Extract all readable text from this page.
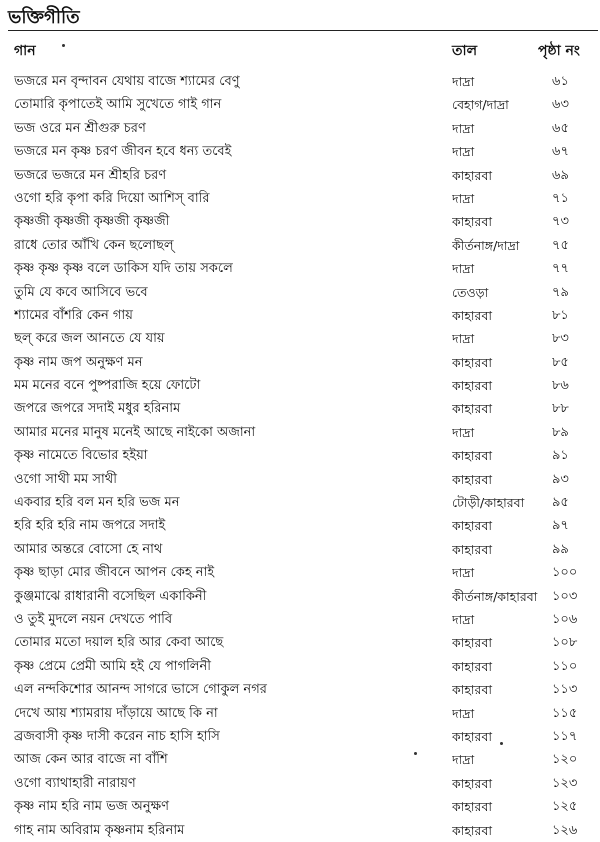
ভক্তিগীতি
গান	তাল	পৃষ্ঠা নং
ভজরে মন বৃন্দাবন যেথায় বাজে শ্যামের বেণু	দাদ্রা	৬১
তোমারি কৃপাতেই আমি সুখেতে গাই গান	বেহাগ/দাদ্রা	৬৩
ভজ ওরে মন শ্রীগুরু চরণ	দাদ্রা	৬৫
ভজরে মন কৃষ্ণ চরণ জীবন হবে ধন্য তবেই	দাদ্রা	৬৭
ভজরে ভজরে মন শ্রীহরি চরণ	কাহারবা	৬৯
ওগো হরি কৃপা করি দিয়ো আশিস্ বারি	দাদ্রা	৭১
কৃষ্ণজী কৃষ্ণজী কৃষ্ণজী কৃষ্ণজী	কাহারবা	৭৩
রাধে তোর আঁখি কেন ছলোছল্	কীর্তনাঙ্গ/দাদ্রা	৭৫
কৃষ্ণ কৃষ্ণ কৃষ্ণ বলে ডাকিস যদি তায় সকলে	দাদ্রা	৭৭
তুমি যে কবে আসিবে ভবে	তেওড়া	৭৯
শ্যামের বাঁশরি কেন গায়	কাহারবা	৮১
ছল্ করে জল আনতে যে যায়	দাদ্রা	৮৩
কৃষ্ণ নাম জপ অনুক্ষণ মন	কাহারবা	৮৫
মম মনের বনে পুষ্পরাজি হয়ে ফোটো	কাহারবা	৮৬
জপরে জপরে সদাই মধুর হরিনাম	কাহারবা	৮৮
আমার মনের মানুষ মনেই আছে নাইকো অজানা	দাদ্রা	৮৯
কৃষ্ণ নামেতে বিভোর হইয়া	কাহারবা	৯১
ওগো সাথী মম সাথী	কাহারবা	৯৩
একবার হরি বল মন হরি ভজ মন	টোড়ী/কাহারবা	৯৫
হরি হরি হরি নাম জপরে সদাই	কাহারবা	৯৭
আমার অন্তরে বোসো হে নাথ	কাহারবা	৯৯
কৃষ্ণ ছাড়া মোর জীবনে আপন কেহ নাই	দাদ্রা	১০০
কুঞ্জমাঝে রাধারানী বসেছিল একাকিনী	কীর্তনাঙ্গ/কাহারবা	১০৩
ও তুই মুদলে নয়ন দেখতে পাবি	দাদ্রা	১০৬
তোমার মতো দয়াল হরি আর কেবা আছে	কাহারবা	১০৮
কৃষ্ণ প্রেমে প্রেমী আমি হই যে পাগলিনী	কাহারবা	১১০
এল নন্দকিশোর আনন্দ সাগরে ভাসে গোকুল নগর	কাহারবা	১১৩
দেখে আয় শ্যামরায় দাঁড়ায়ে আছে কি না	দাদ্রা	১১৫
ব্রজবাসী কৃষ্ণ দাসী করেন নাচ হাসি হাসি	কাহারবা	১১৭
আজ কেন আর বাজে না বাঁশি	দাদ্রা	১২০
ওগো ব্যাথাহারী নারায়ণ	কাহারবা	১২৩
কৃষ্ণ নাম হরি নাম ভজ অনুক্ষণ	কাহারবা	১২৫
গাহ নাম অবিরাম কৃষ্ণনাম হরিনাম	কাহারবা	১২৬
